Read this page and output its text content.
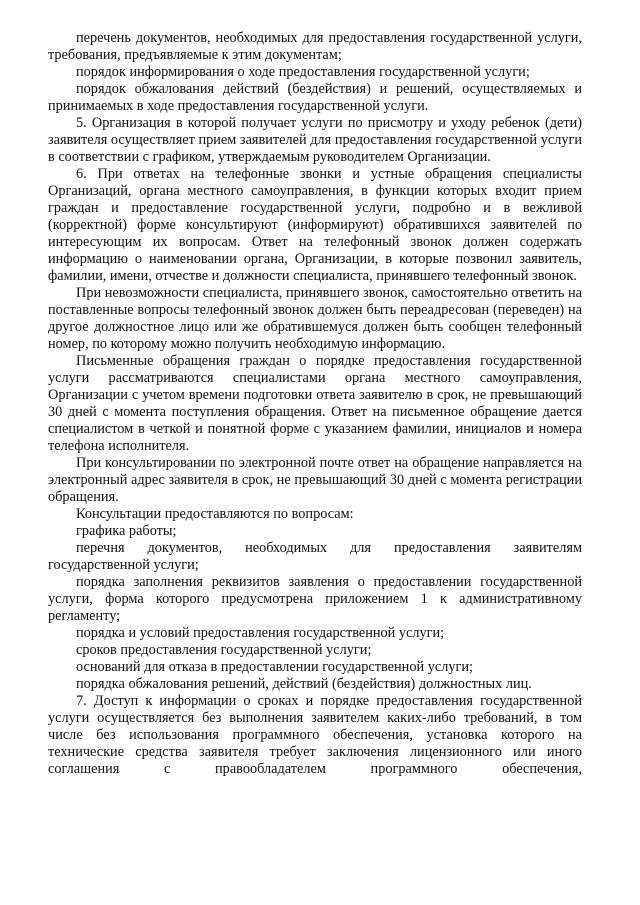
перечень документов, необходимых для предоставления государственной услуги, требования, предъявляемые к этим документам;

порядок информирования о ходе предоставления государственной услуги;

порядок обжалования действий (бездействия) и решений, осуществляемых и принимаемых в ходе предоставления государственной услуги.

5. Организация в которой получает услуги по присмотру и уходу ребенок (дети) заявителя осуществляет прием заявителей для предоставления государственной услуги в соответствии с графиком, утверждаемым руководителем Организации.

6. При ответах на телефонные звонки и устные обращения специалисты Организаций, органа местного самоуправления, в функции которых входит прием граждан и предоставление государственной услуги, подробно и в вежливой (корректной) форме консультируют (информируют) обратившихся заявителей по интересующим их вопросам. Ответ на телефонный звонок должен содержать информацию о наименовании органа, Организации, в которые позвонил заявитель, фамилии, имени, отчестве и должности специалиста, принявшего телефонный звонок.

При невозможности специалиста, принявшего звонок, самостоятельно ответить на поставленные вопросы телефонный звонок должен быть переадресован (переведен) на другое должностное лицо или же обратившемуся должен быть сообщен телефонный номер, по которому можно получить необходимую информацию.

Письменные обращения граждан о порядке предоставления государственной услуги рассматриваются специалистами органа местного самоуправления, Организации с учетом времени подготовки ответа заявителю в срок, не превышающий 30 дней с момента поступления обращения. Ответ на письменное обращение дается специалистом в четкой и понятной форме с указанием фамилии, инициалов и номера телефона исполнителя.

При консультировании по электронной почте ответ на обращение направляется на электронный адрес заявителя в срок, не превышающий 30 дней с момента регистрации обращения.

Консультации предоставляются по вопросам:

графика работы;

перечня документов, необходимых для предоставления заявителям государственной услуги;

порядка заполнения реквизитов заявления о предоставлении государственной услуги, форма которого предусмотрена приложением 1 к административному регламенту;

порядка и условий предоставления государственной услуги;

сроков предоставления государственной услуги;

оснований для отказа в предоставлении государственной услуги;

порядка обжалования решений, действий (бездействия) должностных лиц.

7. Доступ к информации о сроках и порядке предоставления государственной услуги осуществляется без выполнения заявителем каких-либо требований, в том числе без использования программного обеспечения, установка которого на технические средства заявителя требует заключения лицензионного или иного соглашения с правообладателем программного обеспечения,
